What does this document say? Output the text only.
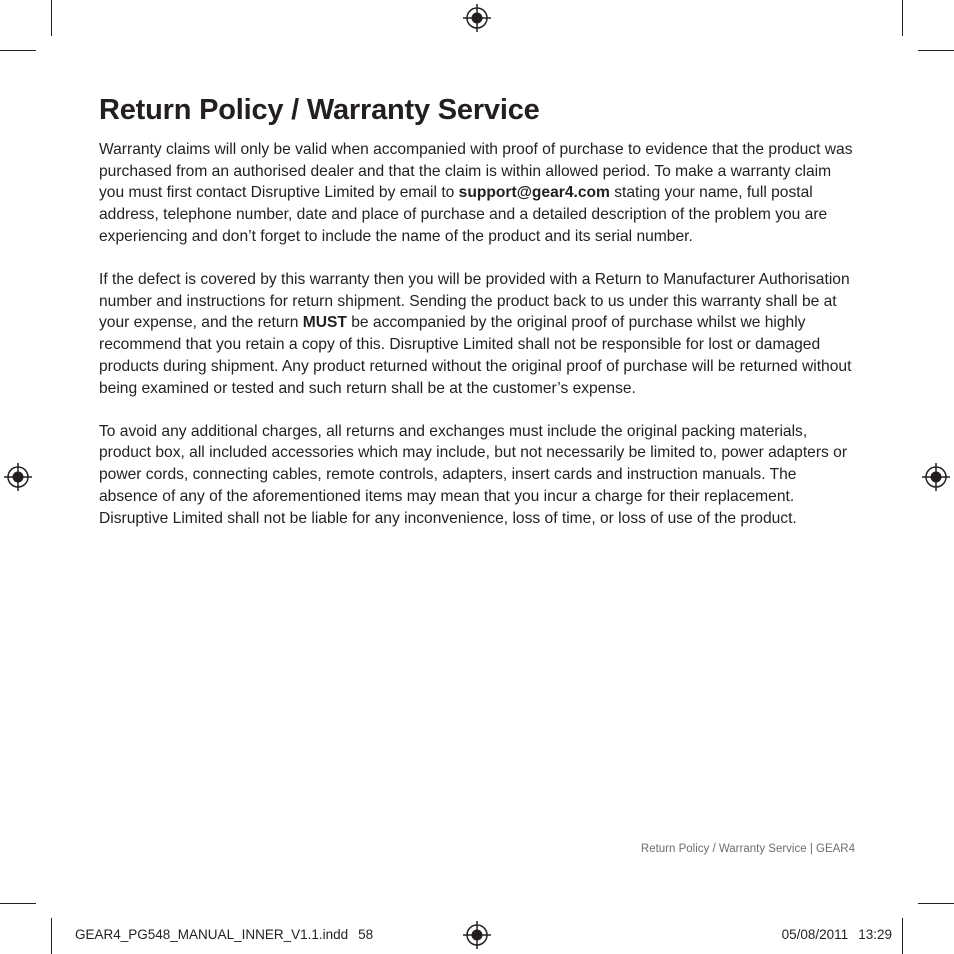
Return Policy / Warranty Service

Warranty claims will only be valid when accompanied with proof of purchase to evidence that the product was purchased from an authorised dealer and that the claim is within allowed period. To make a warranty claim you must first contact Disruptive Limited by email to support@gear4.com stating your name, full postal address, telephone number, date and place of purchase and a detailed description of the problem you are experiencing and don’t forget to include the name of the product and its serial number.

If the defect is covered by this warranty then you will be provided with a Return to Manufacturer Authorisation number and instructions for return shipment. Sending the product back to us under this warranty shall be at your expense, and the return MUST be accompanied by the original proof of purchase whilst we highly recommend that you retain a copy of this. Disruptive Limited shall not be responsible for lost or damaged products during shipment. Any product returned without the original proof of purchase will be returned without being examined or tested and such return shall be at the customer’s expense.

To avoid any additional charges, all returns and exchanges must include the original packing materials, product box, all included accessories which may include, but not necessarily be limited to, power adapters or power cords, connecting cables, remote controls, adapters, insert cards and instruction manuals. The absence of any of the aforementioned items may mean that you incur a charge for their replacement. Disruptive Limited shall not be liable for any inconvenience, loss of time, or loss of use of the product.

Return Policy / Warranty Service | GEAR4
GEAR4_PG548_MANUAL_INNER_V1.1.indd 58	05/08/2011 13:29
